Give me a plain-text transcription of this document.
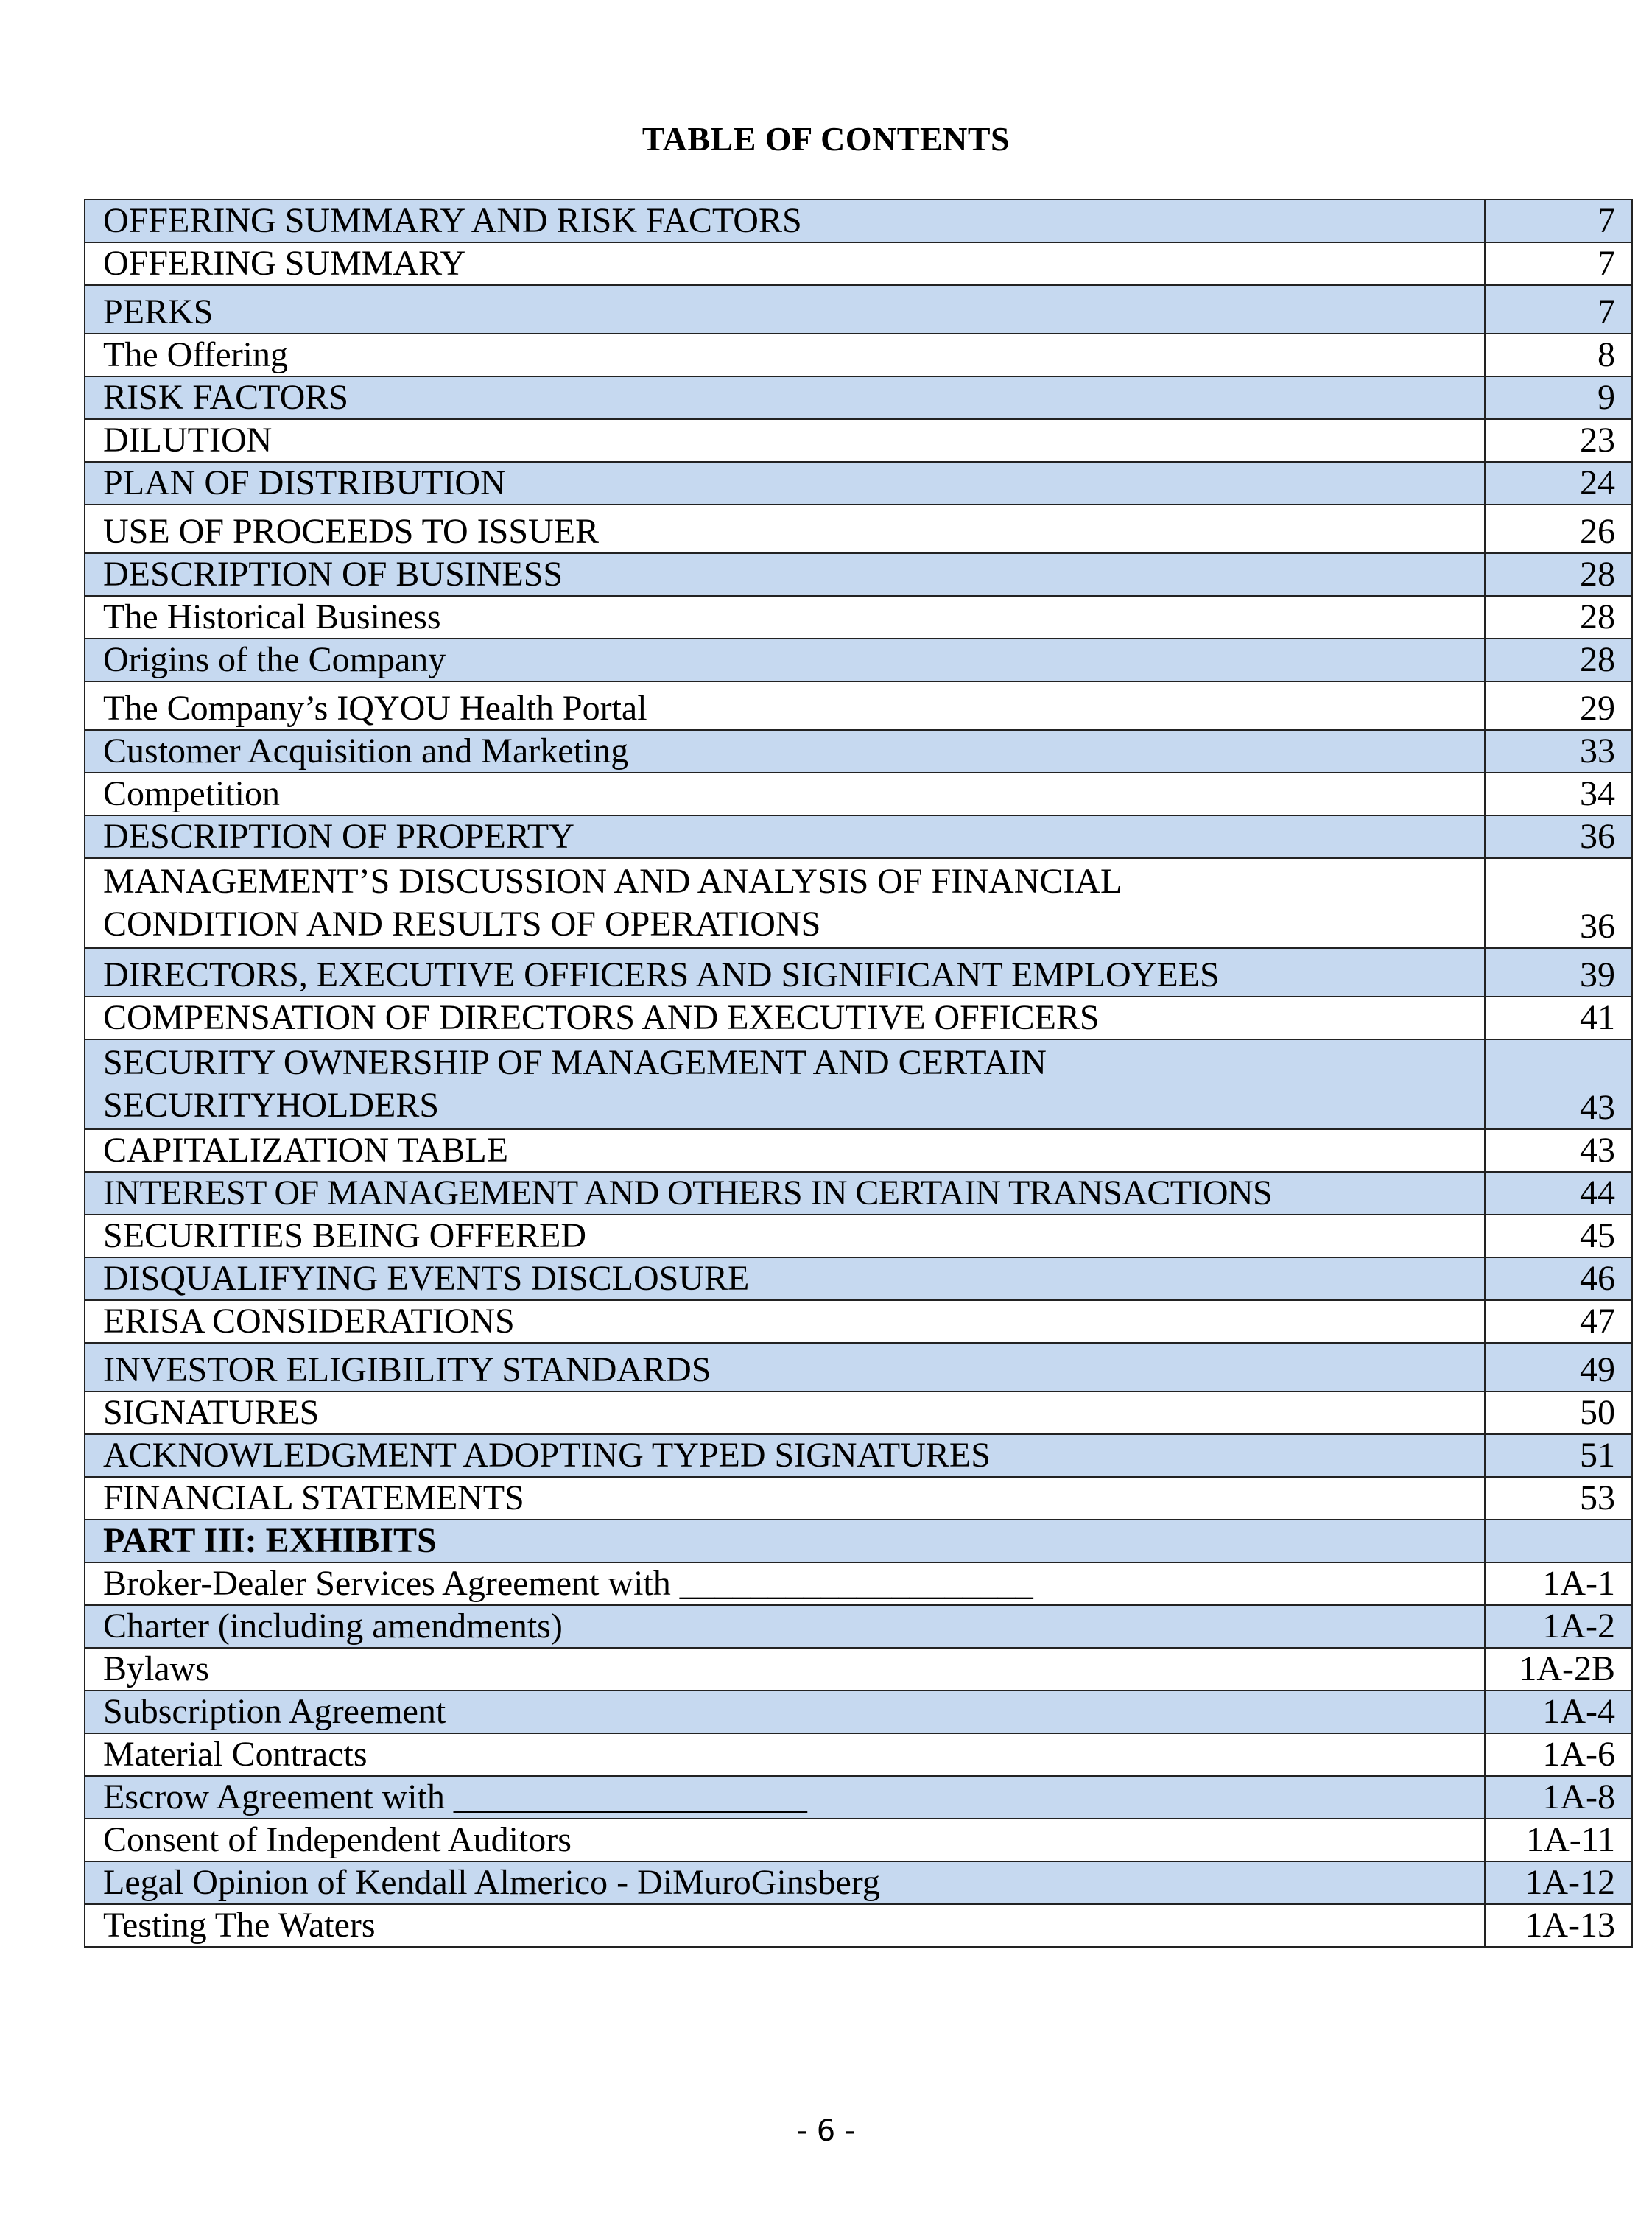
TABLE OF CONTENTS
OFFERING SUMMARY AND RISK FACTORS	7
OFFERING SUMMARY	7
PERKS	7
The Offering	8
RISK FACTORS	9
DILUTION	23
PLAN OF DISTRIBUTION	24
USE OF PROCEEDS TO ISSUER	26
DESCRIPTION OF BUSINESS	28
The Historical Business	28
Origins of the Company	28
The Company’s IQYOU Health Portal	29
Customer Acquisition and Marketing	33
Competition	34
DESCRIPTION OF PROPERTY	36
MANAGEMENT’S DISCUSSION AND ANALYSIS OF FINANCIAL CONDITION AND RESULTS OF OPERATIONS	36
DIRECTORS, EXECUTIVE OFFICERS AND SIGNIFICANT EMPLOYEES	39
COMPENSATION OF DIRECTORS AND EXECUTIVE OFFICERS	41
SECURITY OWNERSHIP OF MANAGEMENT AND CERTAIN SECURITYHOLDERS	43
CAPITALIZATION TABLE	43
INTEREST OF MANAGEMENT AND OTHERS IN CERTAIN TRANSACTIONS	44
SECURITIES BEING OFFERED	45
DISQUALIFYING EVENTS DISCLOSURE	46
ERISA CONSIDERATIONS	47
INVESTOR ELIGIBILITY STANDARDS	49
SIGNATURES	50
ACKNOWLEDGMENT ADOPTING TYPED SIGNATURES	51
FINANCIAL STATEMENTS	53
PART III: EXHIBITS	
Broker-Dealer Services Agreement with ____________________	1A-1
Charter (including amendments)	1A-2
Bylaws	1A-2B
Subscription Agreement	1A-4
Material Contracts	1A-6
Escrow Agreement with ____________________	1A-8
Consent of Independent Auditors	1A-11
Legal Opinion of Kendall Almerico - DiMuroGinsberg	1A-12
Testing The Waters	1A-13
- 6 -
